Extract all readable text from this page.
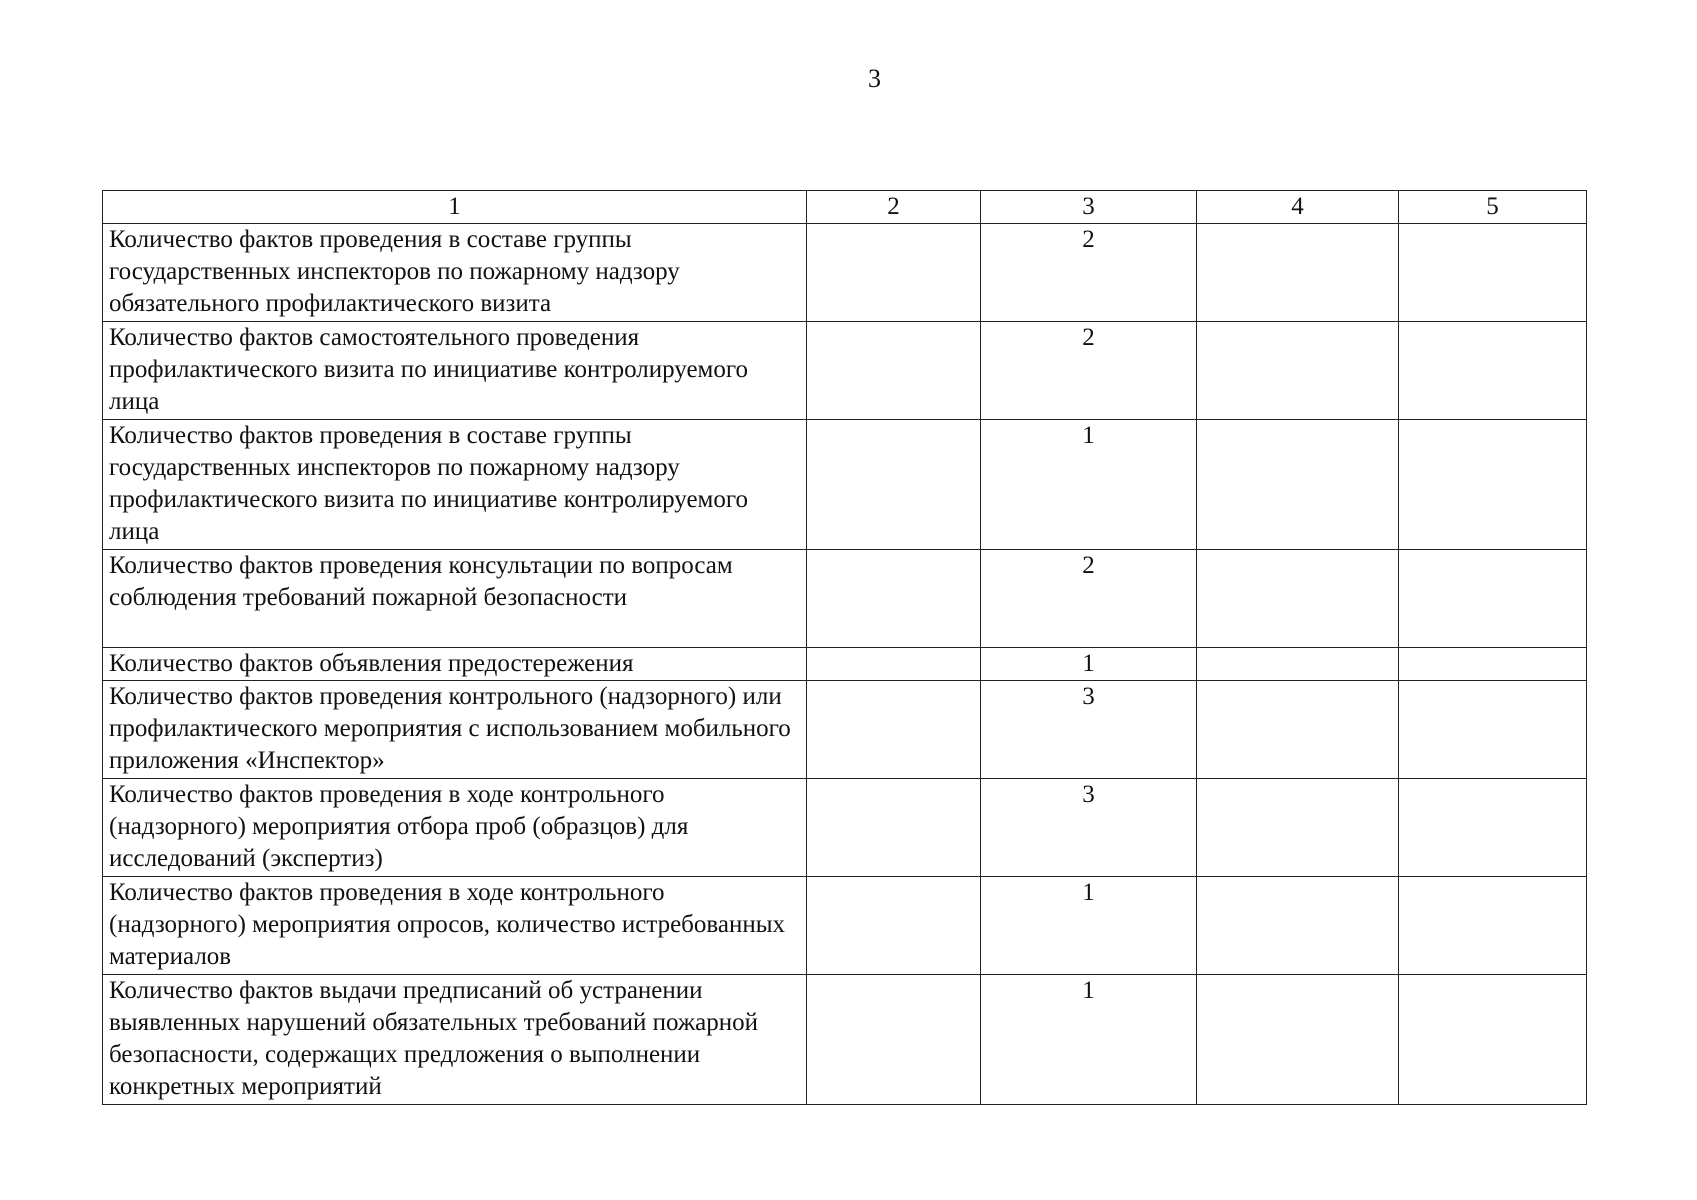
3
1	2	3	4	5
Количество фактов проведения в составе группы государственных инспекторов по пожарному надзору обязательного профилактического визита		2		
Количество фактов самостоятельного проведения профилактического визита по инициативе контролируемого лица		2		
Количество фактов проведения в составе группы государственных инспекторов по пожарному надзору профилактического визита по инициативе контролируемого лица		1		
Количество фактов проведения консультации по вопросам соблюдения требований пожарной безопасности		2		
Количество фактов объявления предостережения		1		
Количество фактов проведения контрольного (надзорного) или профилактического мероприятия с использованием мобильного приложения «Инспектор»		3		
Количество фактов проведения в ходе контрольного (надзорного) мероприятия отбора проб (образцов) для исследований (экспертиз)		3		
Количество фактов проведения в ходе контрольного (надзорного) мероприятия опросов, количество истребованных материалов		1		
Количество фактов выдачи предписаний об устранении выявленных нарушений обязательных требований пожарной безопасности, содержащих предложения о выполнении конкретных мероприятий		1		
